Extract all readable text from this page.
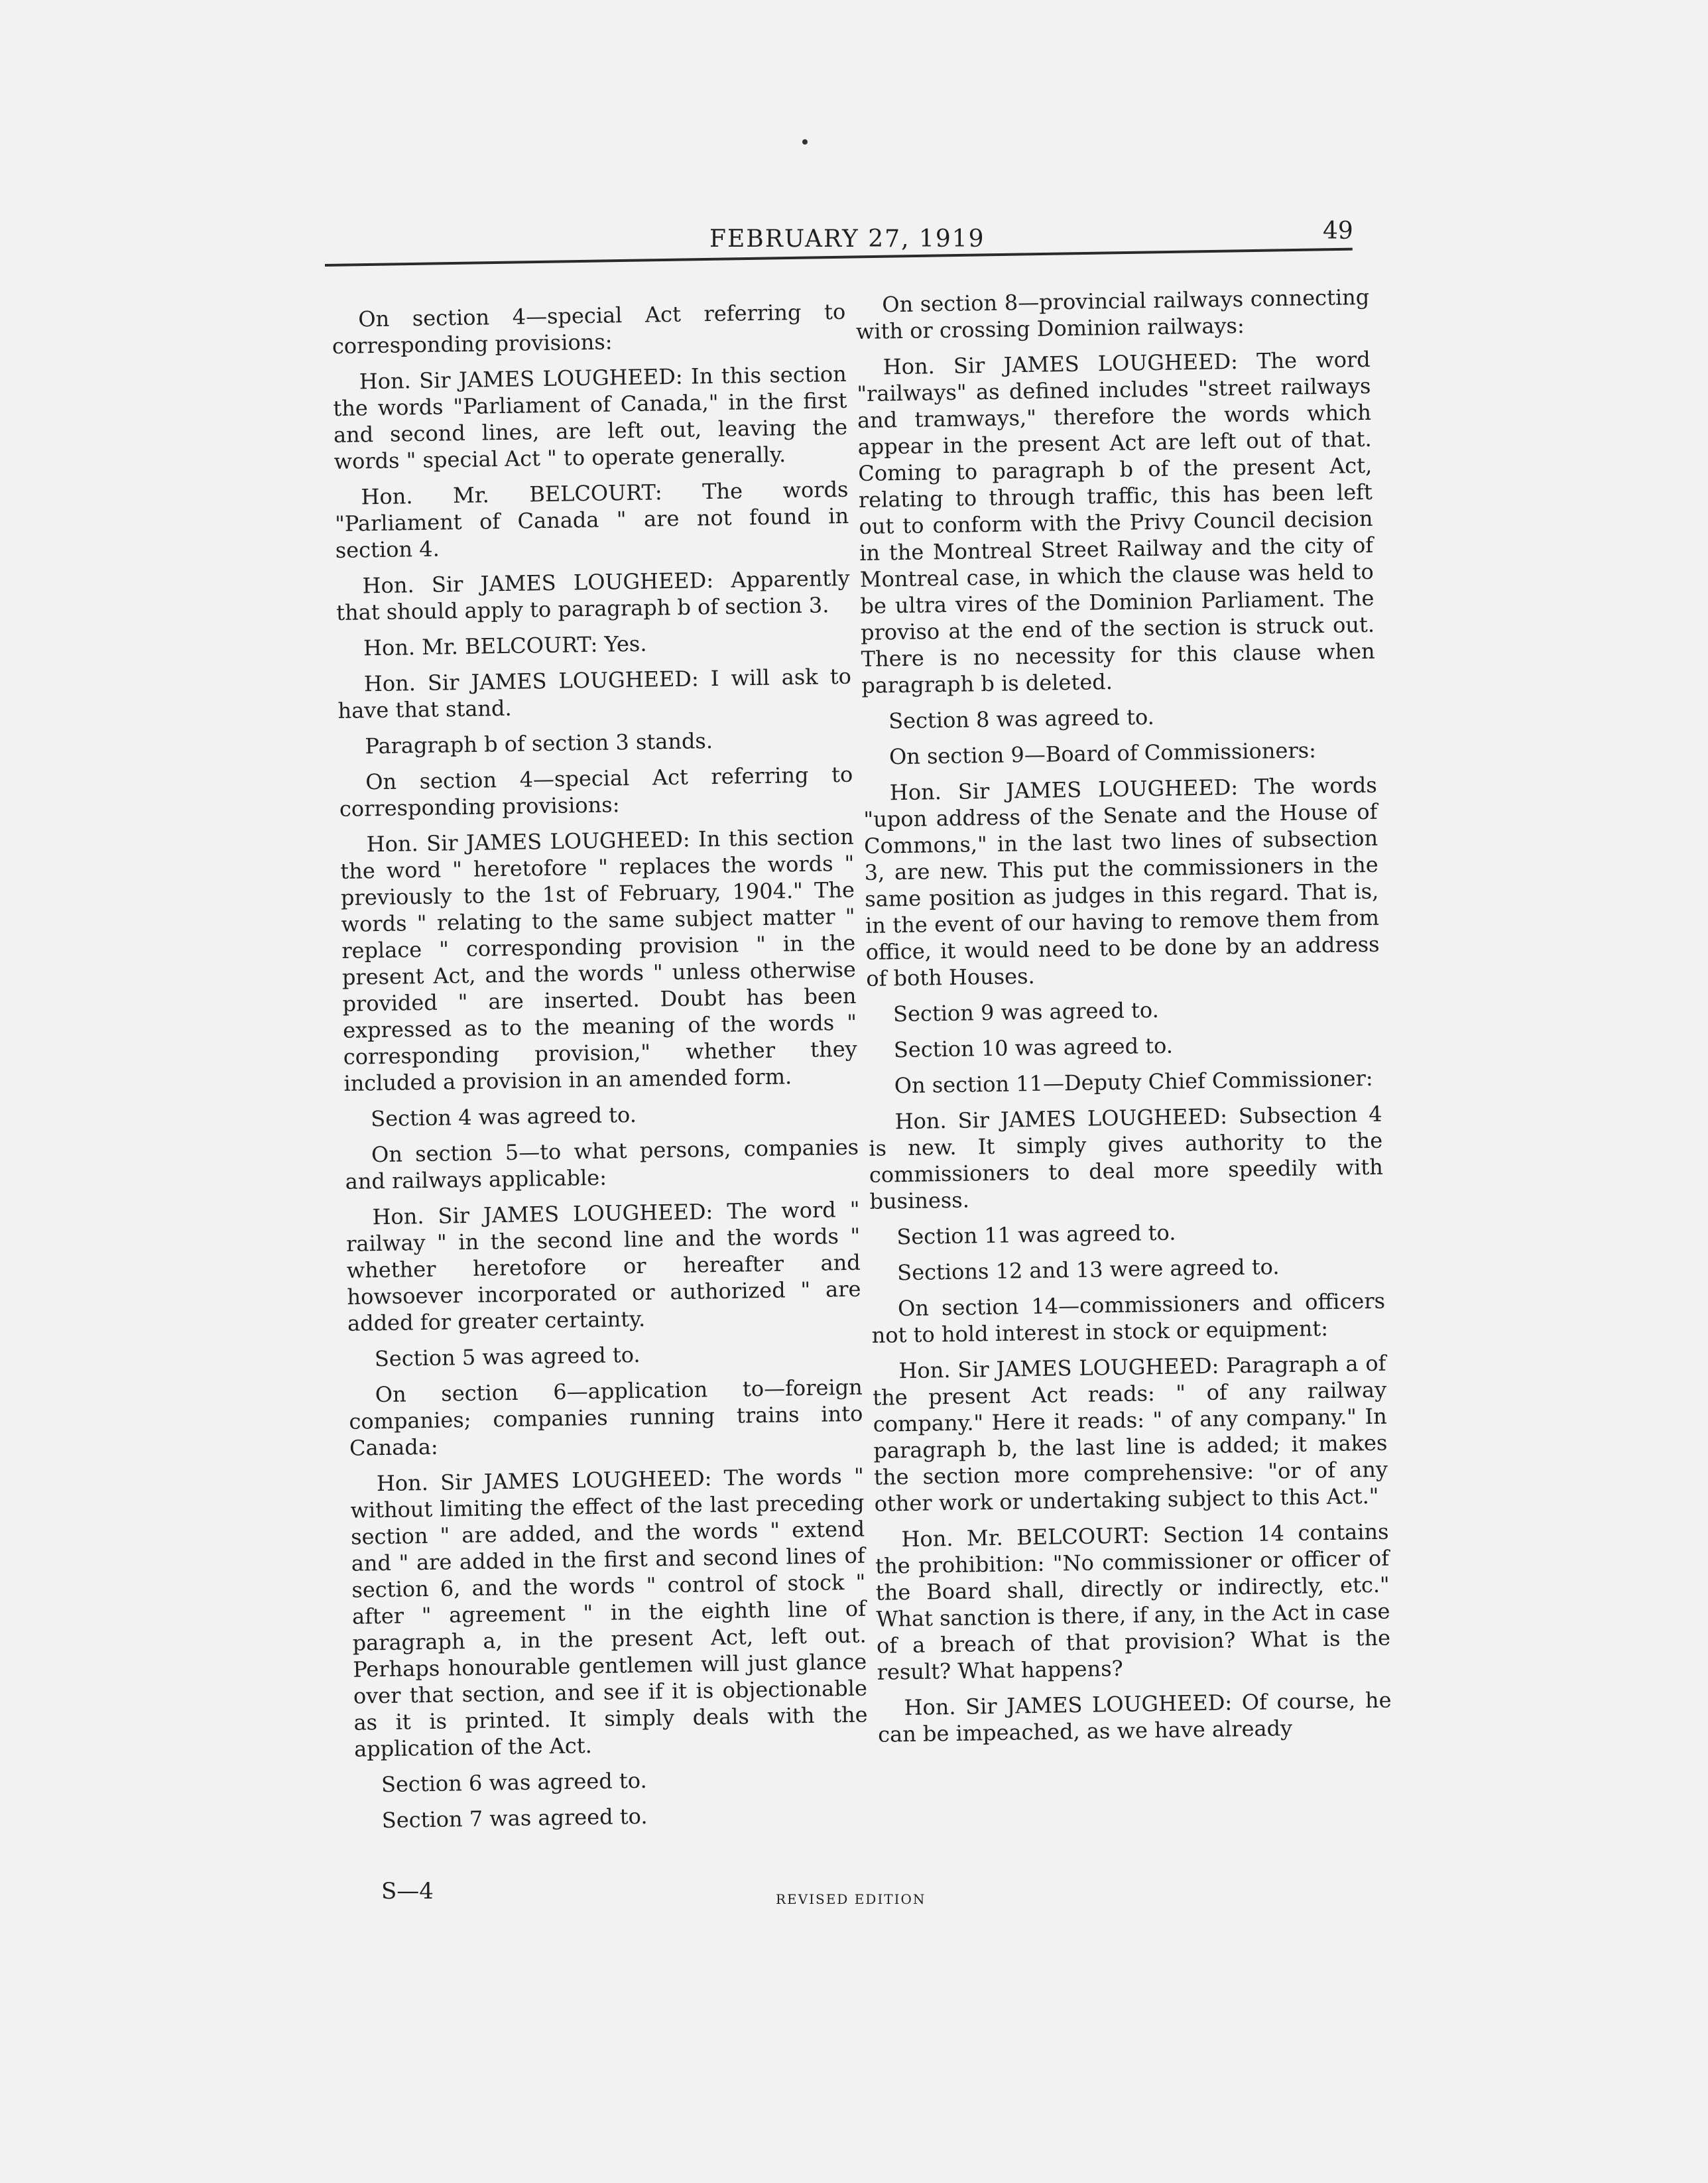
FEBRUARY 27, 1919	49

On section 4—special Act referring to corresponding provisions:

Hon. Sir JAMES LOUGHEED: In this section the words "Parliament of Canada," in the first and second lines, are left out, leaving the words " special Act " to operate generally.

Hon. Mr. BELCOURT: The words "Parliament of Canada " are not found in section 4.

Hon. Sir JAMES LOUGHEED: Apparently that should apply to paragraph b of section 3.

Hon. Mr. BELCOURT: Yes.

Hon. Sir JAMES LOUGHEED: I will ask to have that stand.

Paragraph b of section 3 stands.

On section 4—special Act referring to corresponding provisions:

Hon. Sir JAMES LOUGHEED: In this section the word " heretofore " replaces the words " previously to the 1st of February, 1904." The words " relating to the same subject matter " replace " corresponding provision " in the present Act, and the words " unless otherwise provided " are inserted. Doubt has been expressed as to the meaning of the words " corresponding provision," whether they included a provision in an amended form.

Section 4 was agreed to.

On section 5—to what persons, companies and railways applicable:

Hon. Sir JAMES LOUGHEED: The word " railway " in the second line and the words " whether heretofore or hereafter and howsoever incorporated or authorized " are added for greater certainty.

Section 5 was agreed to.

On section 6—application to—foreign companies; companies running trains into Canada:

Hon. Sir JAMES LOUGHEED: The words " without limiting the effect of the last preceding section " are added, and the words " extend and " are added in the first and second lines of section 6, and the words " control of stock " after " agreement " in the eighth line of paragraph a, in the present Act, left out. Perhaps honourable gentlemen will just glance over that section, and see if it is objectionable as it is printed. It simply deals with the application of the Act.

Section 6 was agreed to.

Section 7 was agreed to.

On section 8—provincial railways connecting with or crossing Dominion railways:

Hon. Sir JAMES LOUGHEED: The word "railways" as defined includes "street railways and tramways," therefore the words which appear in the present Act are left out of that. Coming to paragraph b of the present Act, relating to through traffic, this has been left out to conform with the Privy Council decision in the Montreal Street Railway and the city of Montreal case, in which the clause was held to be ultra vires of the Dominion Parliament. The proviso at the end of the section is struck out. There is no necessity for this clause when paragraph b is deleted.

Section 8 was agreed to.

On section 9—Board of Commissioners:

Hon. Sir JAMES LOUGHEED: The words "upon address of the Senate and the House of Commons," in the last two lines of subsection 3, are new. This put the commissioners in the same position as judges in this regard. That is, in the event of our having to remove them from office, it would need to be done by an address of both Houses.

Section 9 was agreed to.

Section 10 was agreed to.

On section 11—Deputy Chief Commissioner:

Hon. Sir JAMES LOUGHEED: Subsection 4 is new. It simply gives authority to the commissioners to deal more speedily with business.

Section 11 was agreed to.

Sections 12 and 13 were agreed to.

On section 14—commissioners and officers not to hold interest in stock or equipment:

Hon. Sir JAMES LOUGHEED: Paragraph a of the present Act reads: " of any railway company." Here it reads: " of any company." In paragraph b, the last line is added; it makes the section more comprehensive: "or of any other work or undertaking subject to this Act."

Hon. Mr. BELCOURT: Section 14 contains the prohibition: "No commissioner or officer of the Board shall, directly or indirectly, etc." What sanction is there, if any, in the Act in case of a breach of that provision? What is the result? What happens?

Hon. Sir JAMES LOUGHEED: Of course, he can be impeached, as we have already

S—4	REVISED EDITION
